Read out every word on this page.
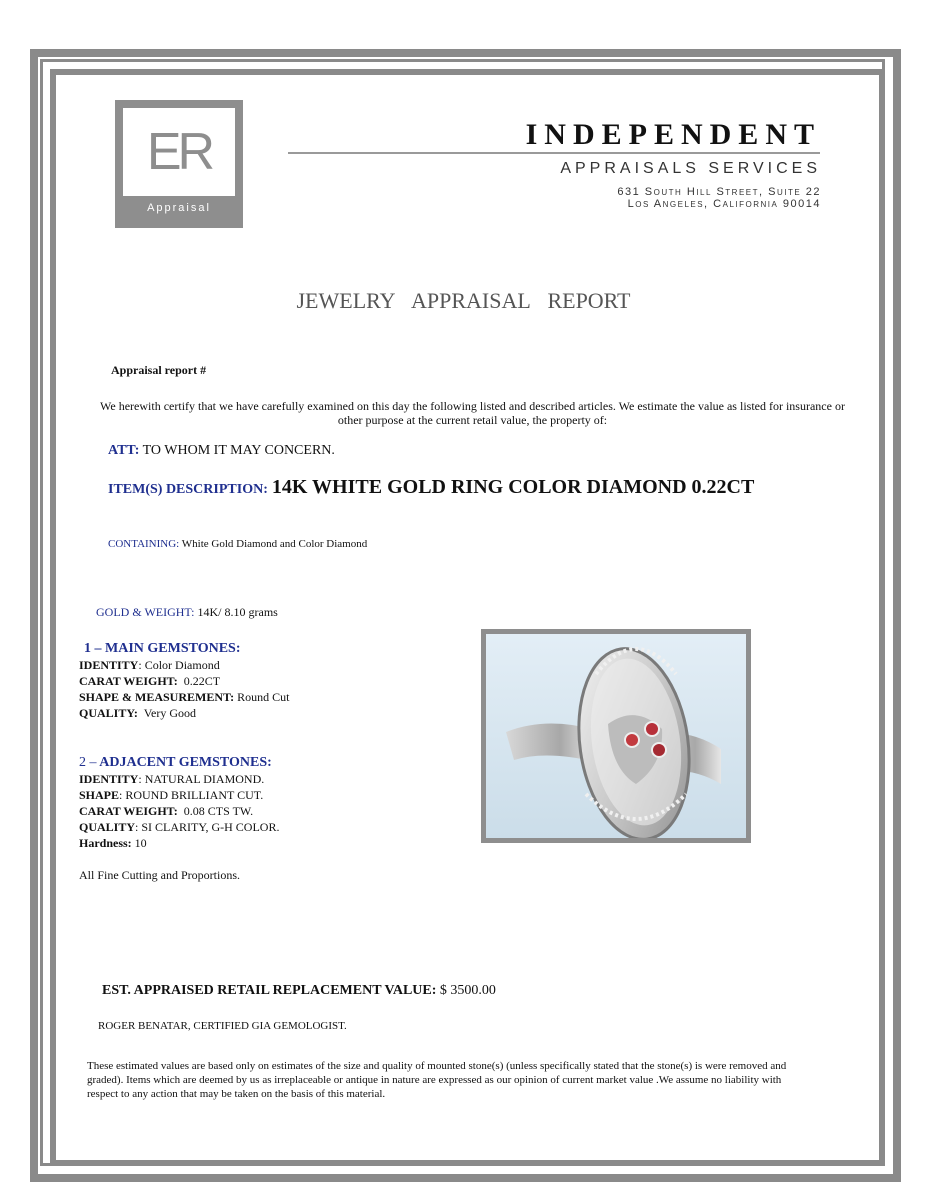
ER
Appraisal
INDEPENDENT
APPRAISALS SERVICES
631 South Hill Street, Suite 22
Los Angeles, California 90014
JEWELRY APPRAISAL REPORT
Appraisal report #
We herewith certify that we have carefully examined on this day the following listed and described articles. We estimate the value as listed for insurance or other purpose at the current retail value, the property of:
ATT: TO WHOM IT MAY CONCERN.
ITEM(S) DESCRIPTION: 14K WHITE GOLD RING COLOR DIAMOND 0.22CT
CONTAINING: White Gold Diamond and Color Diamond
GOLD & WEIGHT: 14K/ 8.10 grams
1 – MAIN GEMSTONES:
IDENTITY: Color Diamond
CARAT WEIGHT: 0.22CT
SHAPE & MEASUREMENT: Round Cut
QUALITY: Very Good
2 – ADJACENT GEMSTONES:
IDENTITY: NATURAL DIAMOND.
SHAPE: ROUND BRILLIANT CUT.
CARAT WEIGHT: 0.08 CTS TW.
QUALITY: SI CLARITY, G-H COLOR.
Hardness: 10
All Fine Cutting and Proportions.
EST. APPRAISED RETAIL REPLACEMENT VALUE: $ 3500.00
ROGER BENATAR, CERTIFIED GIA GEMOLOGIST.
These estimated values are based only on estimates of the size and quality of mounted stone(s) (unless specifically stated that the stone(s) is were removed and graded). Items which are deemed by us as irreplaceable or antique in nature are expressed as our opinion of current market value .We assume no liability with respect to any action that may be taken on the basis of this material.
